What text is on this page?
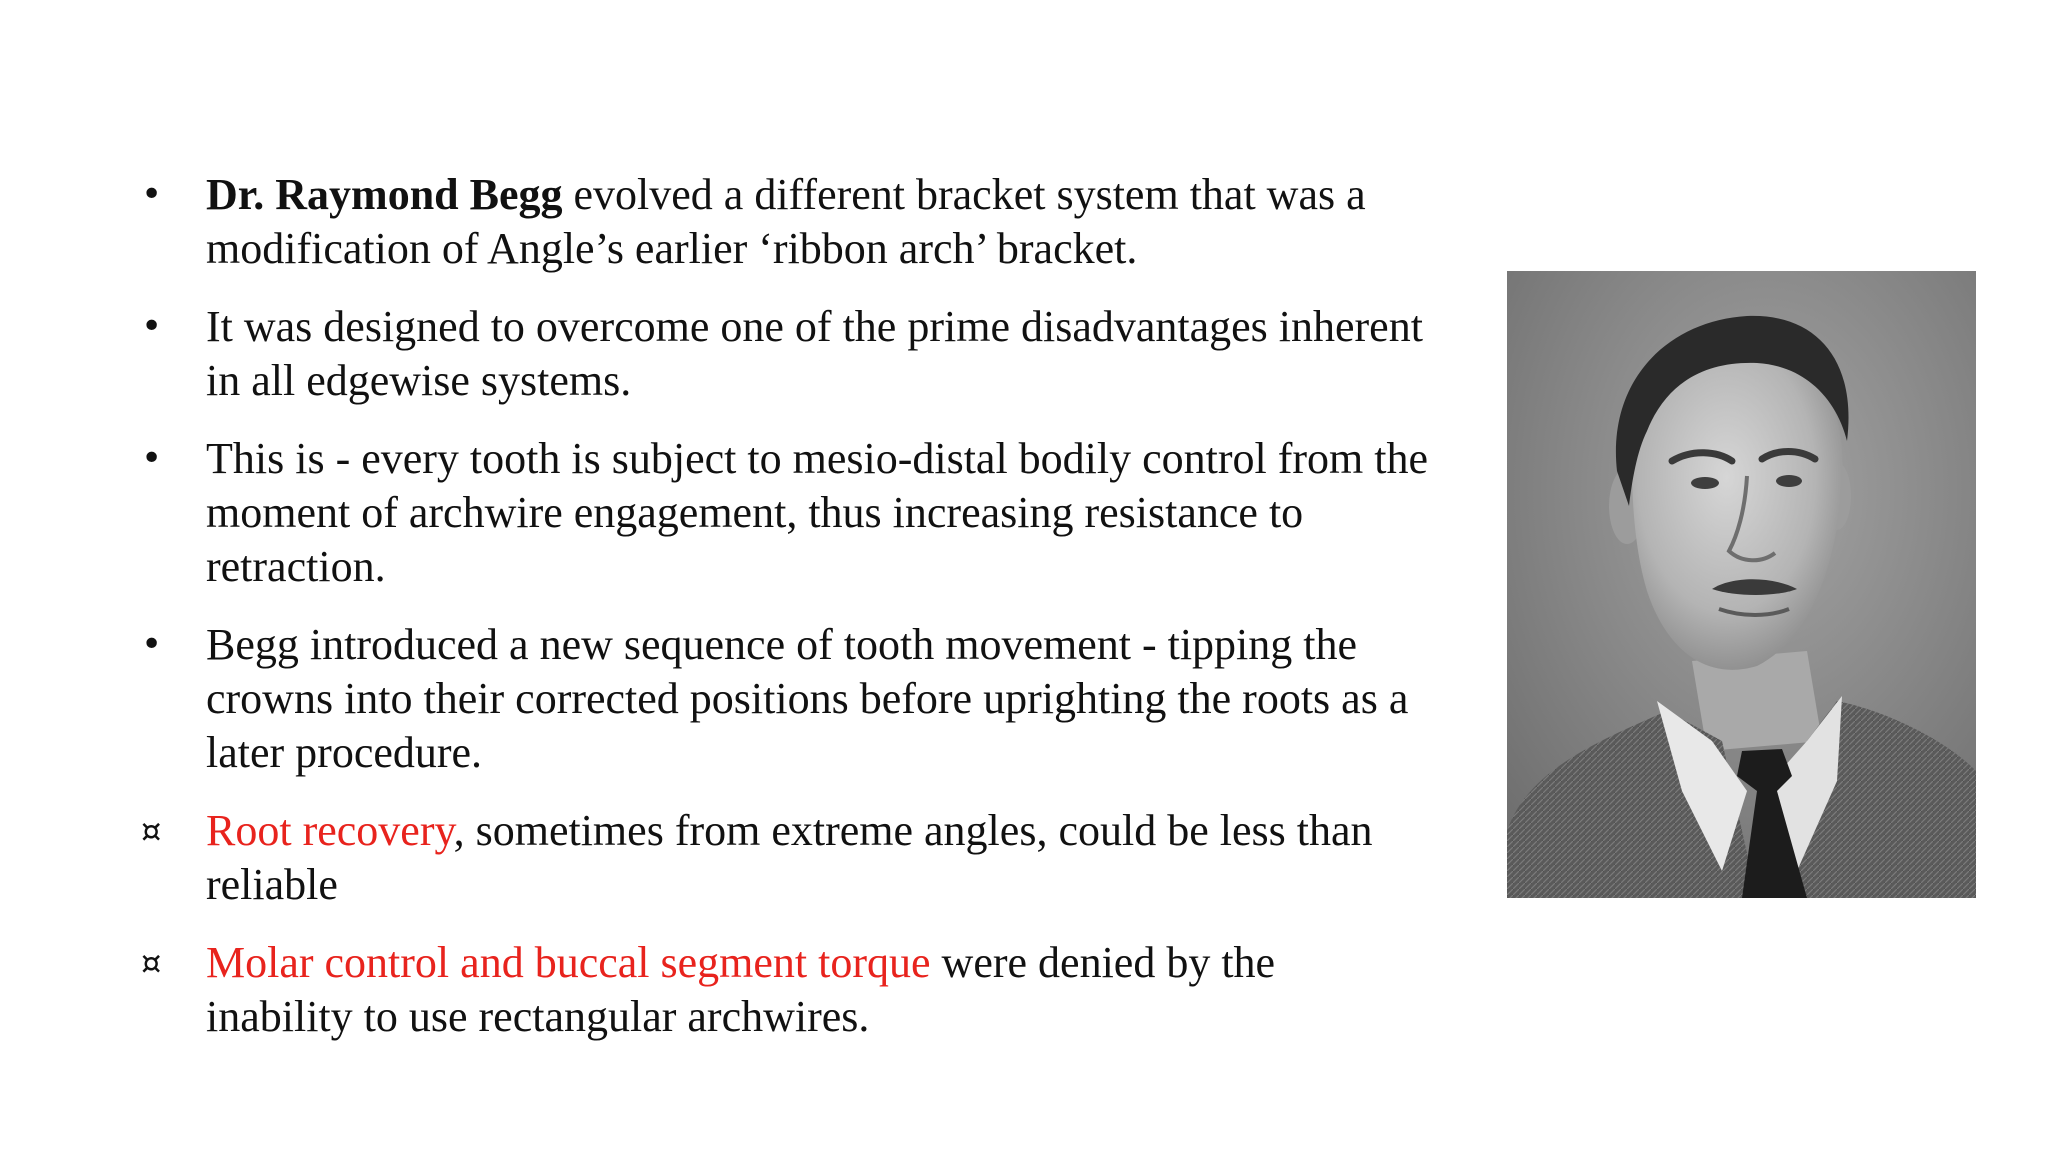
• Dr. Raymond Begg evolved a different bracket system that was a modification of Angle’s earlier ‘ribbon arch’ bracket.
• It was designed to overcome one of the prime disadvantages inherent in all edgewise systems.
• This is - every tooth is subject to mesio-distal bodily control from the moment of archwire engagement, thus increasing resistance to retraction.
• Begg introduced a new sequence of tooth movement - tipping the crowns into their corrected positions before uprighting the roots as a later procedure.
¤	Root recovery, sometimes from extreme angles, could be less than reliable
¤	Molar control and buccal segment torque were denied by the inability to use rectangular archwires.
